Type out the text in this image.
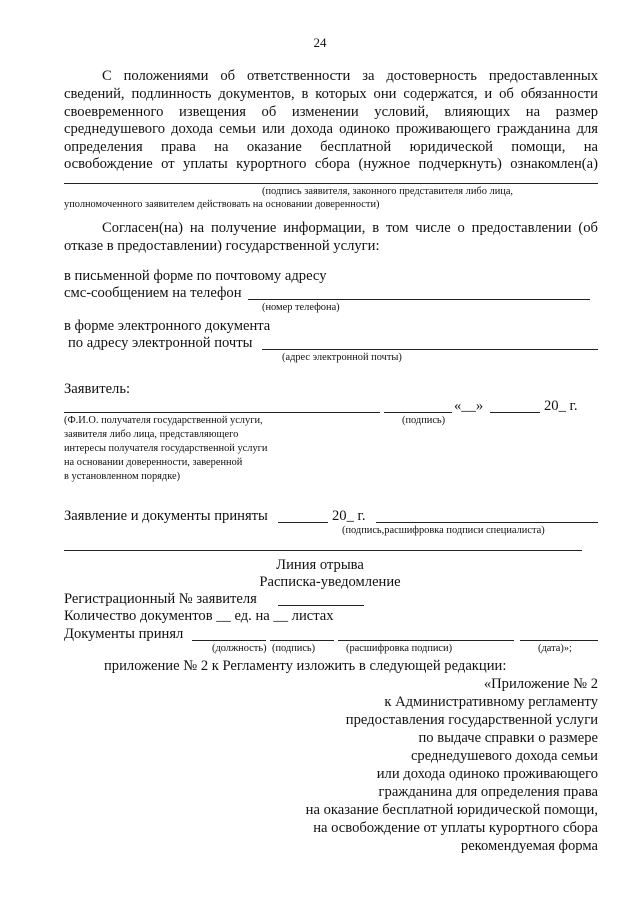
24
С положениями об ответственности за достоверность предоставленных
сведений, подлинность документов, в которых они содержатся, и об обязанности
своевременного извещения об изменении условий, влияющих на размер
среднедушевого дохода семьи или дохода одиноко проживающего гражданина для
определения права на оказание бесплатной юридической помощи, на
освобождение от уплаты курортного сбора (нужное подчеркнуть) ознакомлен(а)
(подпись заявителя, законного представителя либо лица,
уполномоченного заявителем действовать на основании доверенности)
Согласен(на) на получение информации, в том числе о предоставлении (об
отказе в предоставлении) государственной услуги:
в письменной форме по почтовому адресу
смс-сообщением на телефон
(номер телефона)
в форме электронного документа
по адресу электронной почты
(адрес электронной почты)
Заявитель:
«__»	20_ г.
(Ф.И.О. получателя государственной услуги,
заявителя либо лица, представляющего
интересы получателя государственной услуги
на основании доверенности, заверенной
в установленном порядке)
(подпись)
Заявление и документы приняты	20_ г.
(подпись,расшифровка подписи специалиста)
Линия отрыва
Расписка-уведомление
Регистрационный № заявителя
Количество документов __ ед. на __ листах
Документы принял
(должность) (подпись)	(расшифровка подписи)	(дата)»;
приложение № 2 к Регламенту изложить в следующей редакции:
«Приложение № 2
к Административному регламенту
предоставления государственной услуги
по выдаче справки о размере
среднедушевого дохода семьи
или дохода одиноко проживающего
гражданина для определения права
на оказание бесплатной юридической помощи,
на освобождение от уплаты курортного сбора
рекомендуемая форма
